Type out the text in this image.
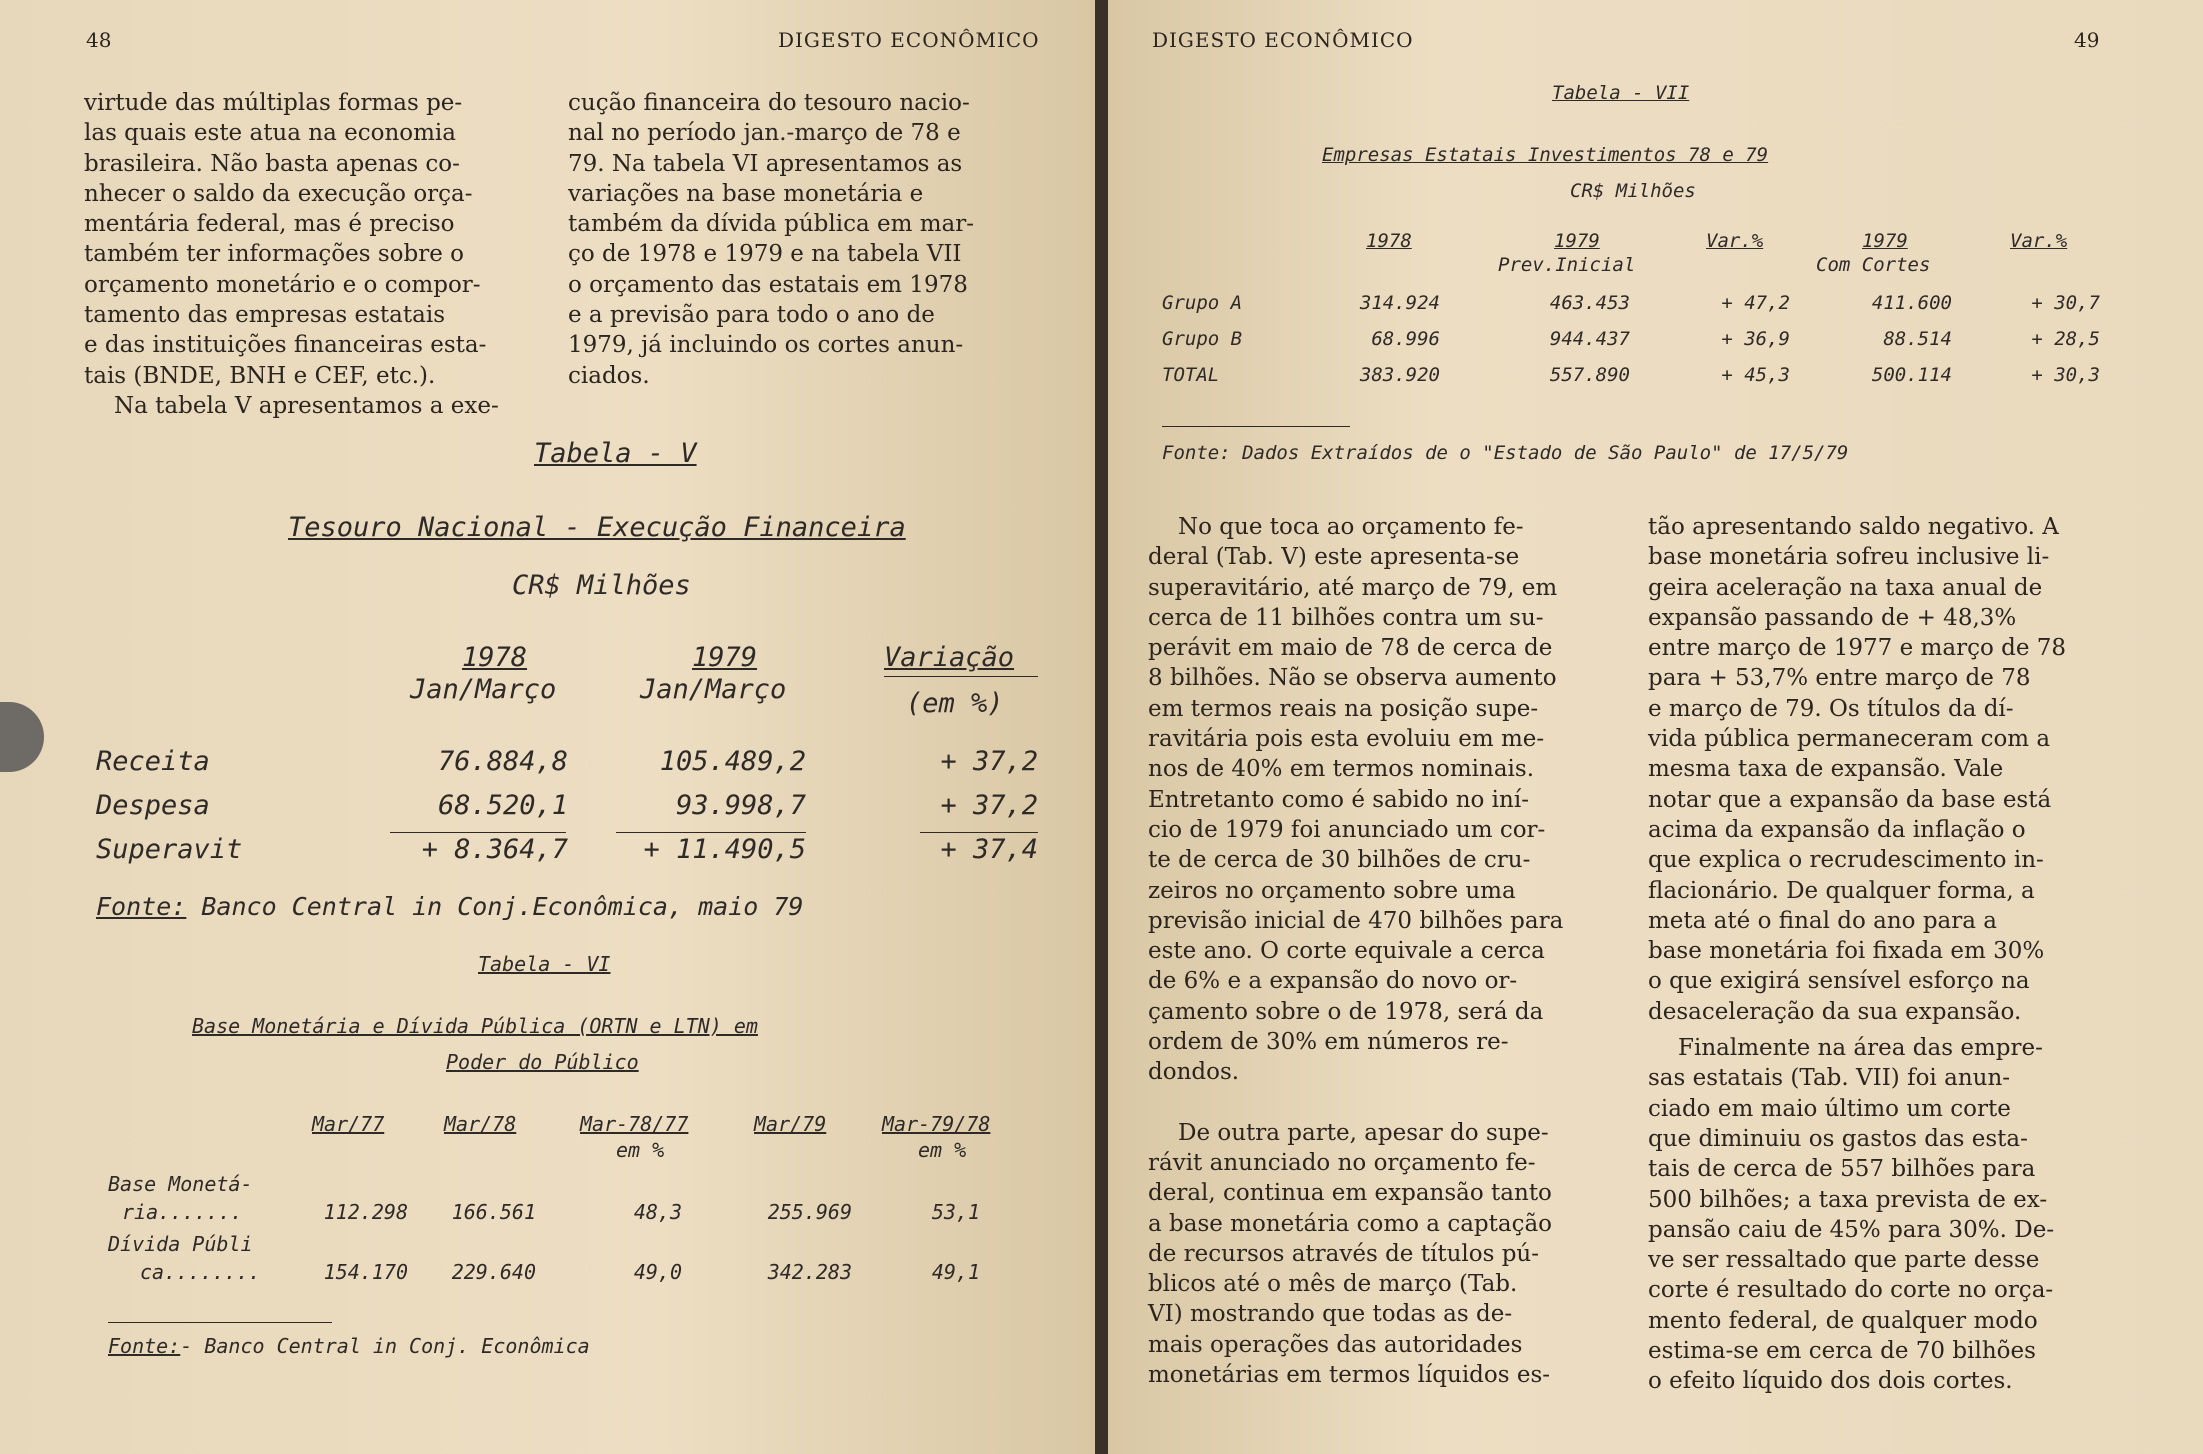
48	DIGESTO ECONÔMICO

virtude das múltiplas formas pe-

las quais este atua na economia

brasileira. Não basta apenas co-

nhecer o saldo da execução orça-

mentária federal, mas é preciso

também ter informações sobre o

orçamento monetário e o compor-

tamento das empresas estatais

e das instituições financeiras esta-

tais (BNDE, BNH e CEF, etc.).

Na tabela V apresentamos a exe-

cução financeira do tesouro nacio-

nal no período jan.-março de 78 e

79. Na tabela VI apresentamos as

variações na base monetária e

também da dívida pública em mar-

ço de 1978 e 1979 e na tabela VII

o orçamento das estatais em 1978

e a previsão para todo o ano de

1979, já incluindo os cortes anun-

ciados.

Tabela - V
Tesouro Nacional - Execução Financeira
CR$ Milhões
1978
Jan/Março
1979
Jan/Março
Variação
(em %)
Receita	76.884,8	105.489,2	+ 37,2
Despesa	68.520,1	93.998,7	+ 37,2
Superavit	+ 8.364,7	+ 11.490,5	+ 37,4
Fonte: Banco Central in Conj.Econômica, maio 79
Tabela - VI
Base Monetária e Dívida Pública (ORTN e LTN) em
Poder do Público
Mar/77	Mar/78	Mar-78/77	Mar/79	Mar-79/78
em %	em %
Base Monetá-
ria.......	112.298	166.561	48,3	255.969	53,1
Dívida Públi
ca........	154.170	229.640	49,0	342.283	49,1
Fonte:- Banco Central in Conj. Econômica
DIGESTO ECONÔMICO	49
Tabela - VII
Empresas Estatais Investimentos 78 e 79
CR$ Milhões
1978	1979	Var.%	1979	Var.%
Prev.Inicial	Com Cortes
Grupo A	314.924	463.453	+ 47,2	411.600	+ 30,7
Grupo B	68.996	944.437	+ 36,9	88.514	+ 28,5
TOTAL	383.920	557.890	+ 45,3	500.114	+ 30,3
Fonte: Dados Extraídos de o "Estado de São Paulo" de 17/5/79

No que toca ao orçamento fe-

deral (Tab. V) este apresenta-se

superavitário, até março de 79, em

cerca de 11 bilhões contra um su-

perávit em maio de 78 de cerca de

8 bilhões. Não se observa aumento

em termos reais na posição supe-

ravitária pois esta evoluiu em me-

nos de 40% em termos nominais.

Entretanto como é sabido no iní-

cio de 1979 foi anunciado um cor-

te de cerca de 30 bilhões de cru-

zeiros no orçamento sobre uma

previsão inicial de 470 bilhões para

este ano. O corte equivale a cerca

de 6% e a expansão do novo or-

çamento sobre o de 1978, será da

ordem de 30% em números re-

dondos.

De outra parte, apesar do supe-

rávit anunciado no orçamento fe-

deral, continua em expansão tanto

a base monetária como a captação

de recursos através de títulos pú-

blicos até o mês de março (Tab.

VI) mostrando que todas as de-

mais operações das autoridades

monetárias em termos líquidos es-

tão apresentando saldo negativo. A

base monetária sofreu inclusive li-

geira aceleração na taxa anual de

expansão passando de + 48,3%

entre março de 1977 e março de 78

para + 53,7% entre março de 78

e março de 79. Os títulos da dí-

vida pública permaneceram com a

mesma taxa de expansão. Vale

notar que a expansão da base está

acima da expansão da inflação o

que explica o recrudescimento in-

flacionário. De qualquer forma, a

meta até o final do ano para a

base monetária foi fixada em 30%

o que exigirá sensível esforço na

desaceleração da sua expansão.

Finalmente na área das empre-

sas estatais (Tab. VII) foi anun-

ciado em maio último um corte

que diminuiu os gastos das esta-

tais de cerca de 557 bilhões para

500 bilhões; a taxa prevista de ex-

pansão caiu de 45% para 30%. De-

ve ser ressaltado que parte desse

corte é resultado do corte no orça-

mento federal, de qualquer modo

estima-se em cerca de 70 bilhões

o efeito líquido dos dois cortes.
